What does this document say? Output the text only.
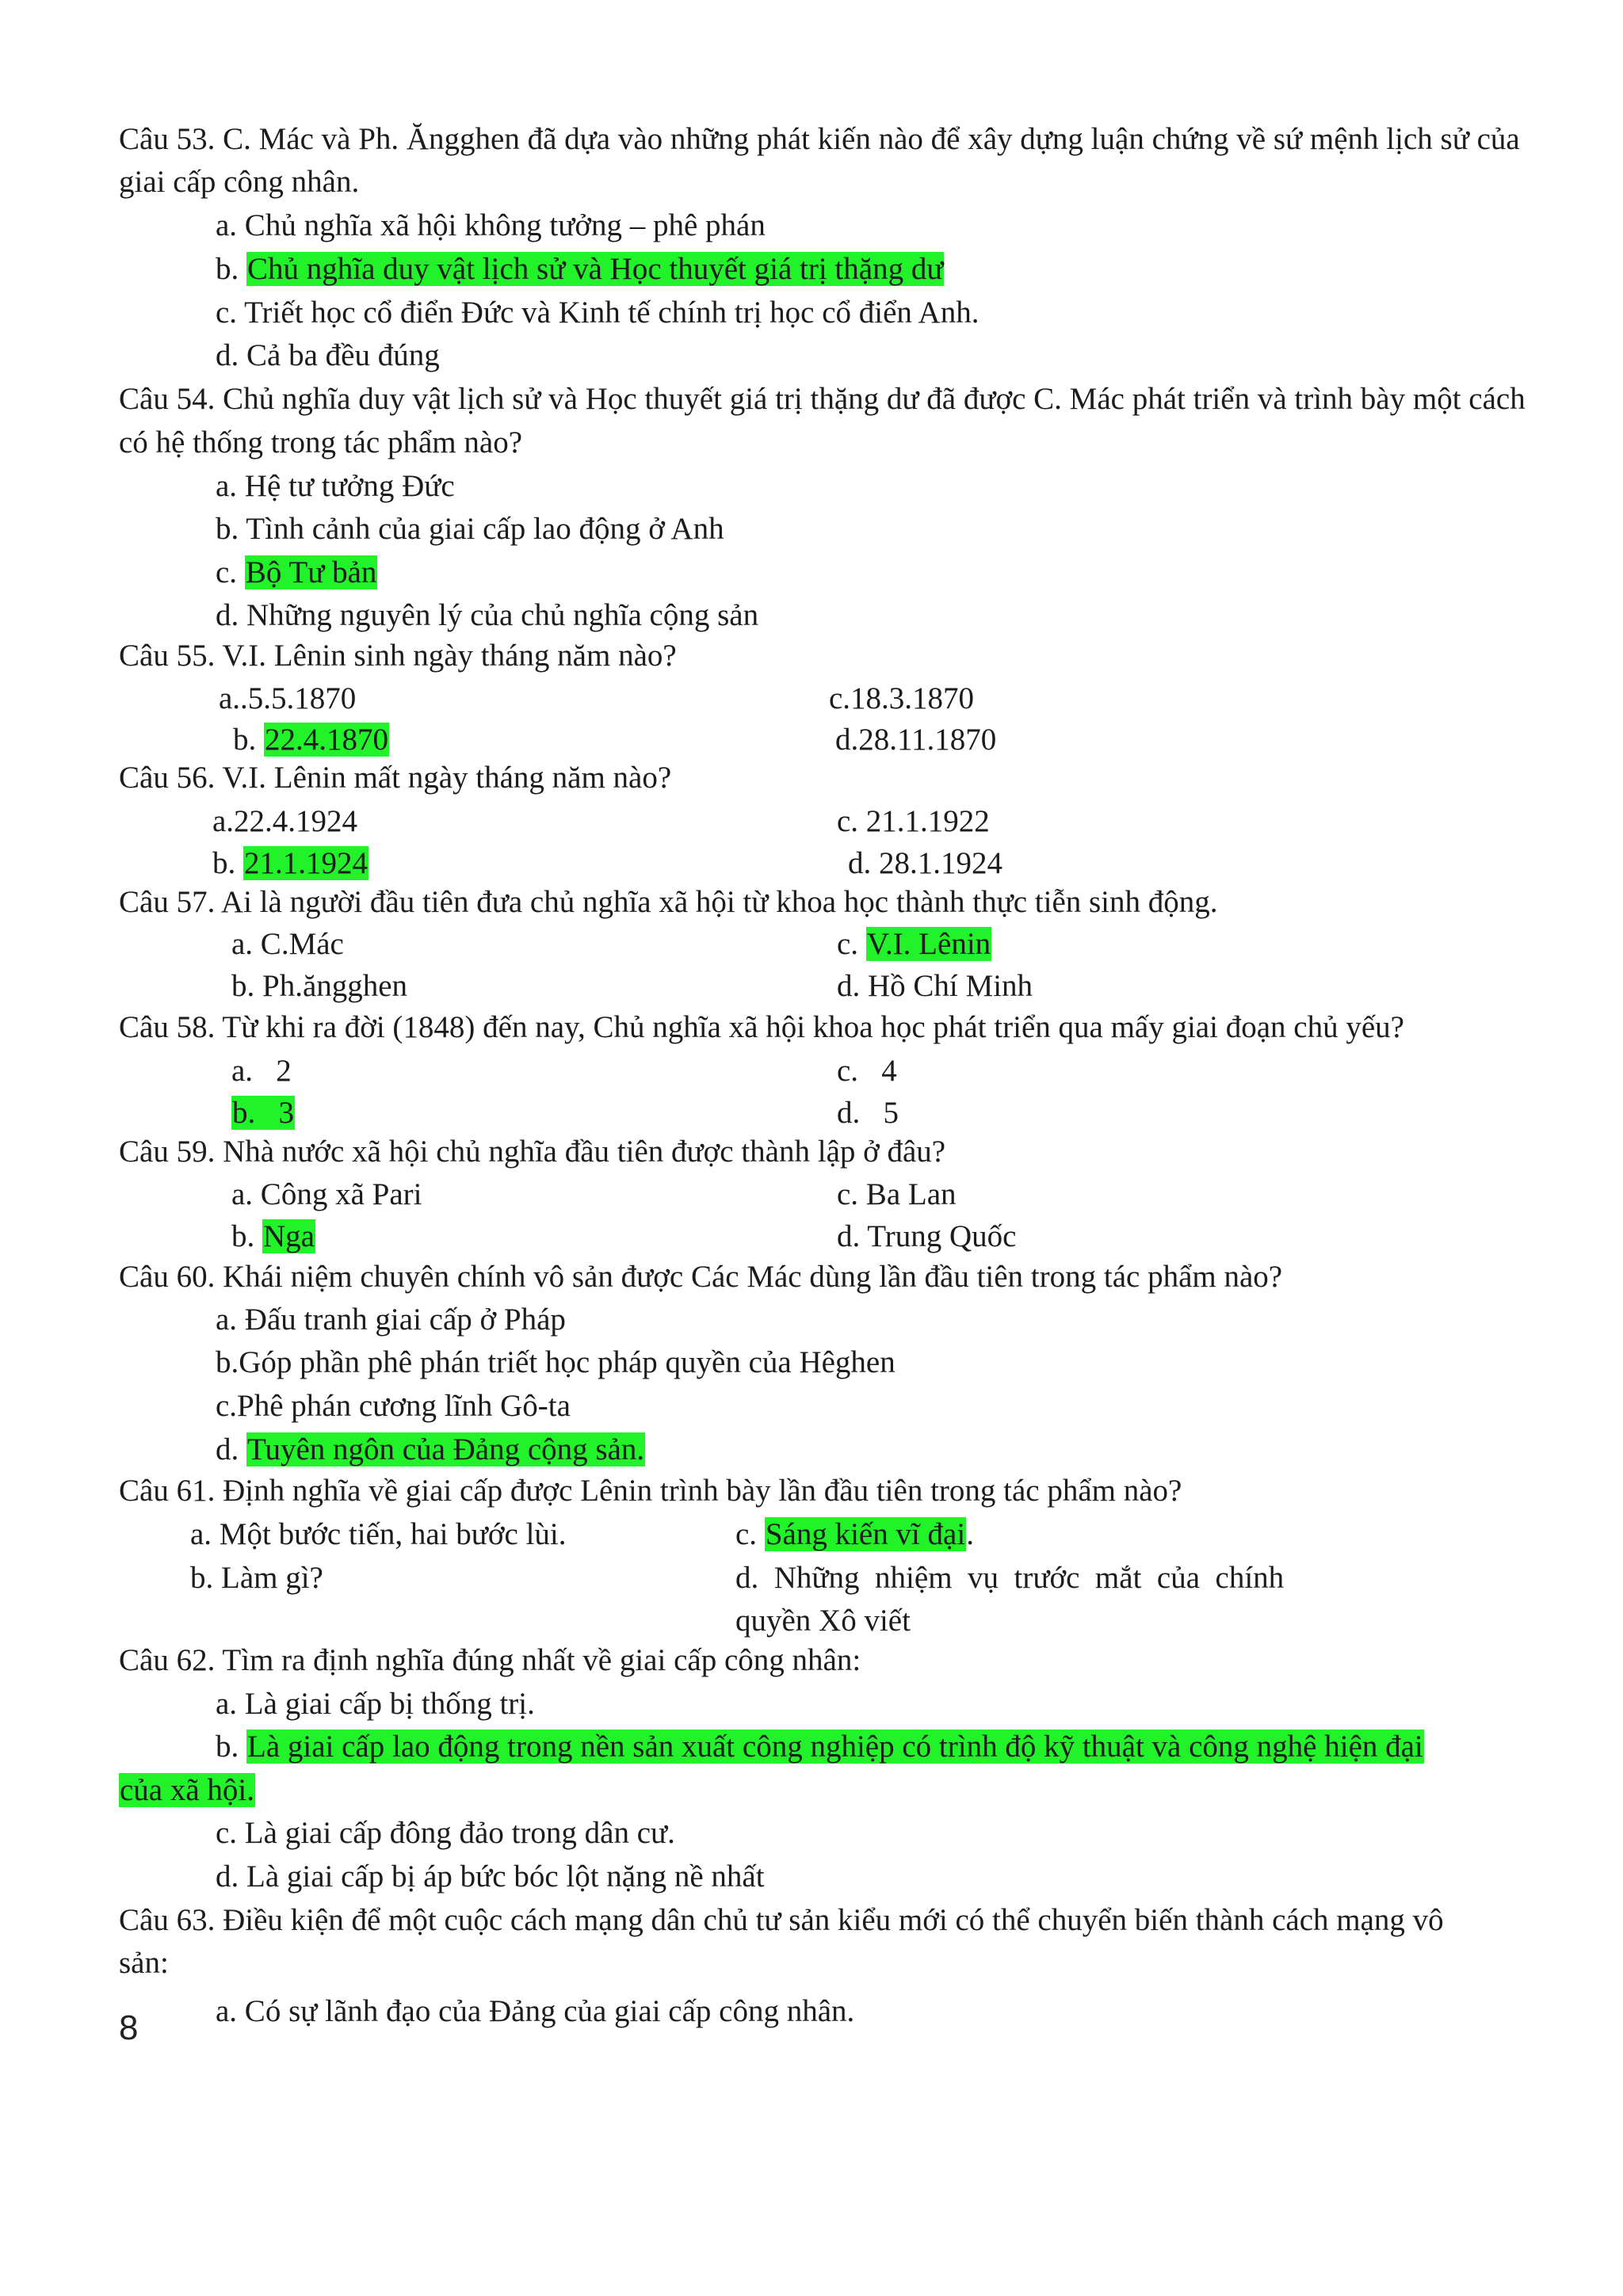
Câu 53. C. Mác và Ph. Ăngghen đã dựa vào những phát kiến nào để xây dựng luận chứng về sứ mệnh lịch sử của
giai cấp công nhân.
a. Chủ nghĩa xã hội không tưởng – phê phán
b. Chủ nghĩa duy vật lịch sử và Học thuyết giá trị thặng dư
c. Triết học cổ điển Đức và Kinh tế chính trị học cổ điển Anh.
d. Cả ba đều đúng
Câu 54. Chủ nghĩa duy vật lịch sử và Học thuyết giá trị thặng dư đã được C. Mác phát triển và trình bày một cách
có hệ thống trong tác phẩm nào?
a. Hệ tư tưởng Đức
b. Tình cảnh của giai cấp lao động ở Anh
c. Bộ Tư bản
d. Những nguyên lý của chủ nghĩa cộng sản
Câu 55. V.I. Lênin sinh ngày tháng năm nào?
a..5.5.1870	c.18.3.1870
b. 22.4.1870	d.28.11.1870
Câu 56. V.I. Lênin mất ngày tháng năm nào?
a.22.4.1924	c. 21.1.1922
b. 21.1.1924	d. 28.1.1924
Câu 57. Ai là người đầu tiên đưa chủ nghĩa xã hội từ khoa học thành thực tiễn sinh động.
a. C.Mác	c. V.I. Lênin
b. Ph.ăngghen	d. Hồ Chí Minh
Câu 58. Từ khi ra đời (1848) đến nay, Chủ nghĩa xã hội khoa học phát triển qua mấy giai đoạn chủ yếu?
a.   2	c.   4
b.   3	d.   5
Câu 59. Nhà nước xã hội chủ nghĩa đầu tiên được thành lập ở đâu?
a. Công xã Pari	c. Ba Lan
b. Nga	d. Trung Quốc
Câu 60. Khái niệm chuyên chính vô sản được Các Mác dùng lần đầu tiên trong tác phẩm nào?
a. Đấu tranh giai cấp ở Pháp
b.Góp phần phê phán triết học pháp quyền của Hêghen
c.Phê phán cương lĩnh Gô-ta
d. Tuyên ngôn của Đảng cộng sản.
Câu 61. Định nghĩa về giai cấp được Lênin trình bày lần đầu tiên trong tác phẩm nào?
a. Một bước tiến, hai bước lùi.	c. Sáng kiến vĩ đại.
b. Làm gì?	d.  Những  nhiệm  vụ  trước  mắt  của  chính
quyền Xô viết
Câu 62. Tìm ra định nghĩa đúng nhất về giai cấp công nhân:
a. Là giai cấp bị thống trị.
b. Là giai cấp lao động trong nền sản xuất công nghiệp có trình độ kỹ thuật và công nghệ hiện đại
của xã hội.
c. Là giai cấp đông đảo trong dân cư.
d. Là giai cấp bị áp bức bóc lột nặng nề nhất
Câu 63. Điều kiện để một cuộc cách mạng dân chủ tư sản kiểu mới có thể chuyển biến thành cách mạng vô
sản:
a. Có sự lãnh đạo của Đảng của giai cấp công nhân.
8
